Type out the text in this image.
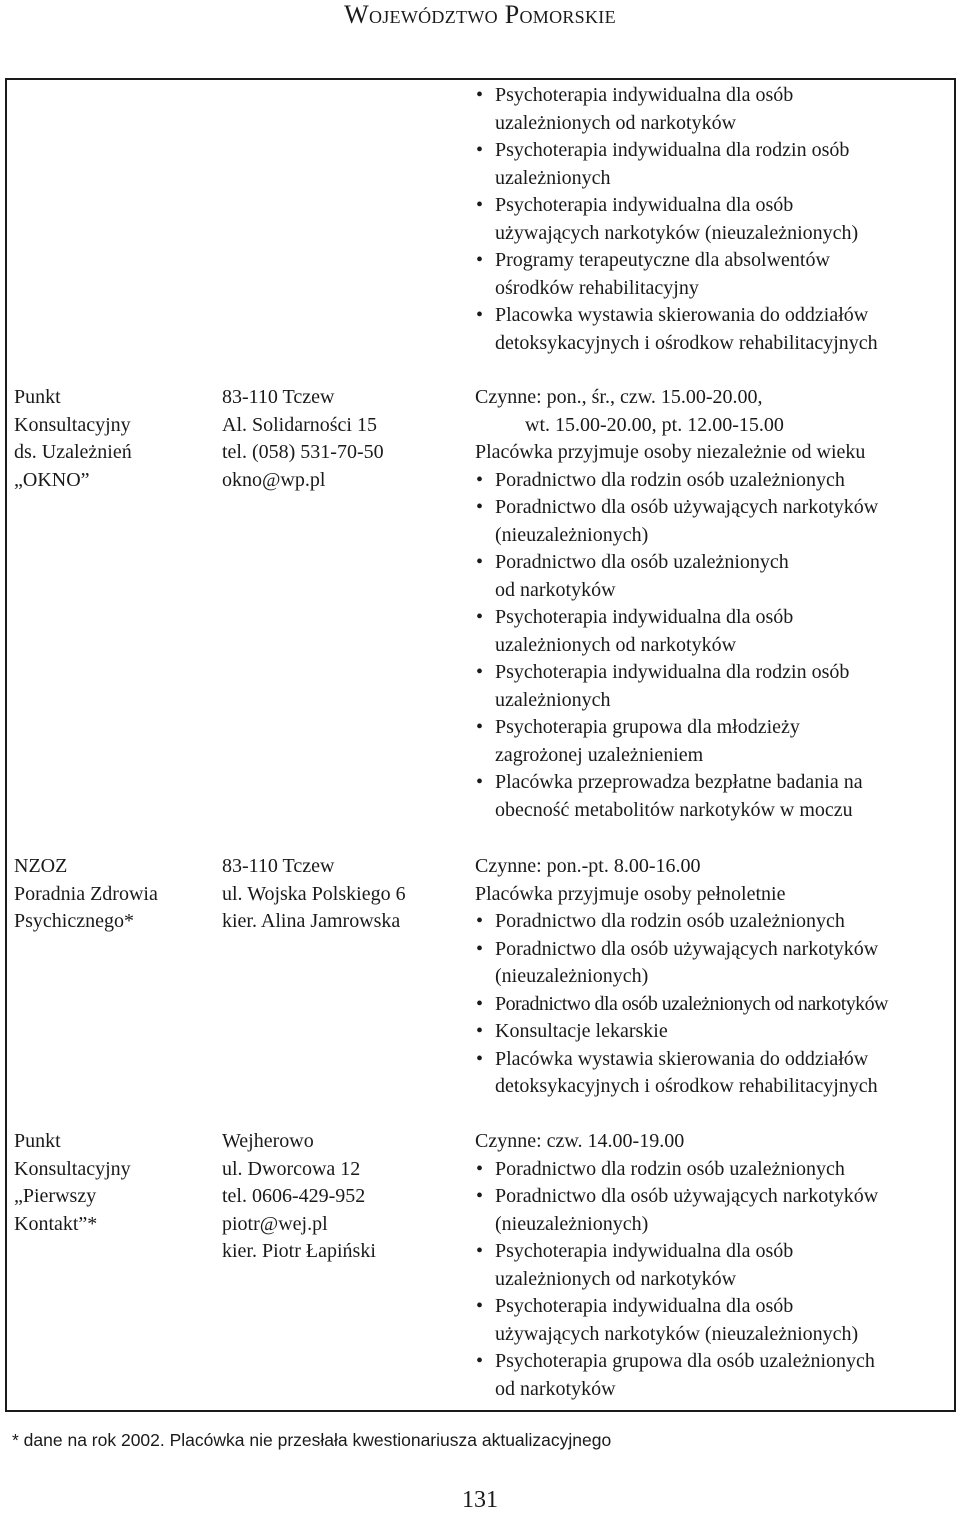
Województwo Pomorskie
• Psychoterapia indywidualna dla osób
uzależnionych od narkotyków
• Psychoterapia indywidualna dla rodzin osób
uzależnionych
• Psychoterapia indywidualna dla osób
używających narkotyków (nieuzależnionych)
• Programy terapeutyczne dla absolwentów
ośrodków rehabilitacyjny
• Placowka wystawia skierowania do oddziałów
detoksykacyjnych i ośrodkow rehabilitacyjnych
Punkt
Konsultacyjny
ds. Uzależnień
„OKNO”
83-110 Tczew
Al. Solidarności 15
tel. (058) 531-70-50
okno@wp.pl
Czynne: pon., śr., czw. 15.00-20.00,
wt. 15.00-20.00, pt. 12.00-15.00
Placówka przyjmuje osoby niezależnie od wieku
• Poradnictwo dla rodzin osób uzależnionych
• Poradnictwo dla osób używających narkotyków
(nieuzależnionych)
• Poradnictwo dla osób uzależnionych
od narkotyków
• Psychoterapia indywidualna dla osób
uzależnionych od narkotyków
• Psychoterapia indywidualna dla rodzin osób
uzależnionych
• Psychoterapia grupowa dla młodzieży
zagrożonej uzależnieniem
• Placówka przeprowadza bezpłatne badania na
obecność metabolitów narkotyków w moczu
NZOZ
Poradnia Zdrowia
Psychicznego*
83-110 Tczew
ul. Wojska Polskiego 6
kier. Alina Jamrowska
Czynne: pon.-pt. 8.00-16.00
Placówka przyjmuje osoby pełnoletnie
• Poradnictwo dla rodzin osób uzależnionych
• Poradnictwo dla osób używających narkotyków
(nieuzależnionych)
• Poradnictwo dla osób uzależnionych od narkotyków
• Konsultacje lekarskie
• Placówka wystawia skierowania do oddziałów
detoksykacyjnych i ośrodkow rehabilitacyjnych
Punkt
Konsultacyjny
„Pierwszy
Kontakt”*
Wejherowo
ul. Dworcowa 12
tel. 0606-429-952
piotr@wej.pl
kier. Piotr Łapiński
Czynne: czw. 14.00-19.00
• Poradnictwo dla rodzin osób uzależnionych
• Poradnictwo dla osób używających narkotyków
(nieuzależnionych)
• Psychoterapia indywidualna dla osób
uzależnionych od narkotyków
• Psychoterapia indywidualna dla osób
używających narkotyków (nieuzależnionych)
• Psychoterapia grupowa dla osób uzależnionych
od narkotyków
* dane na rok 2002. Placówka nie przesłała kwestionariusza aktualizacyjnego
131
